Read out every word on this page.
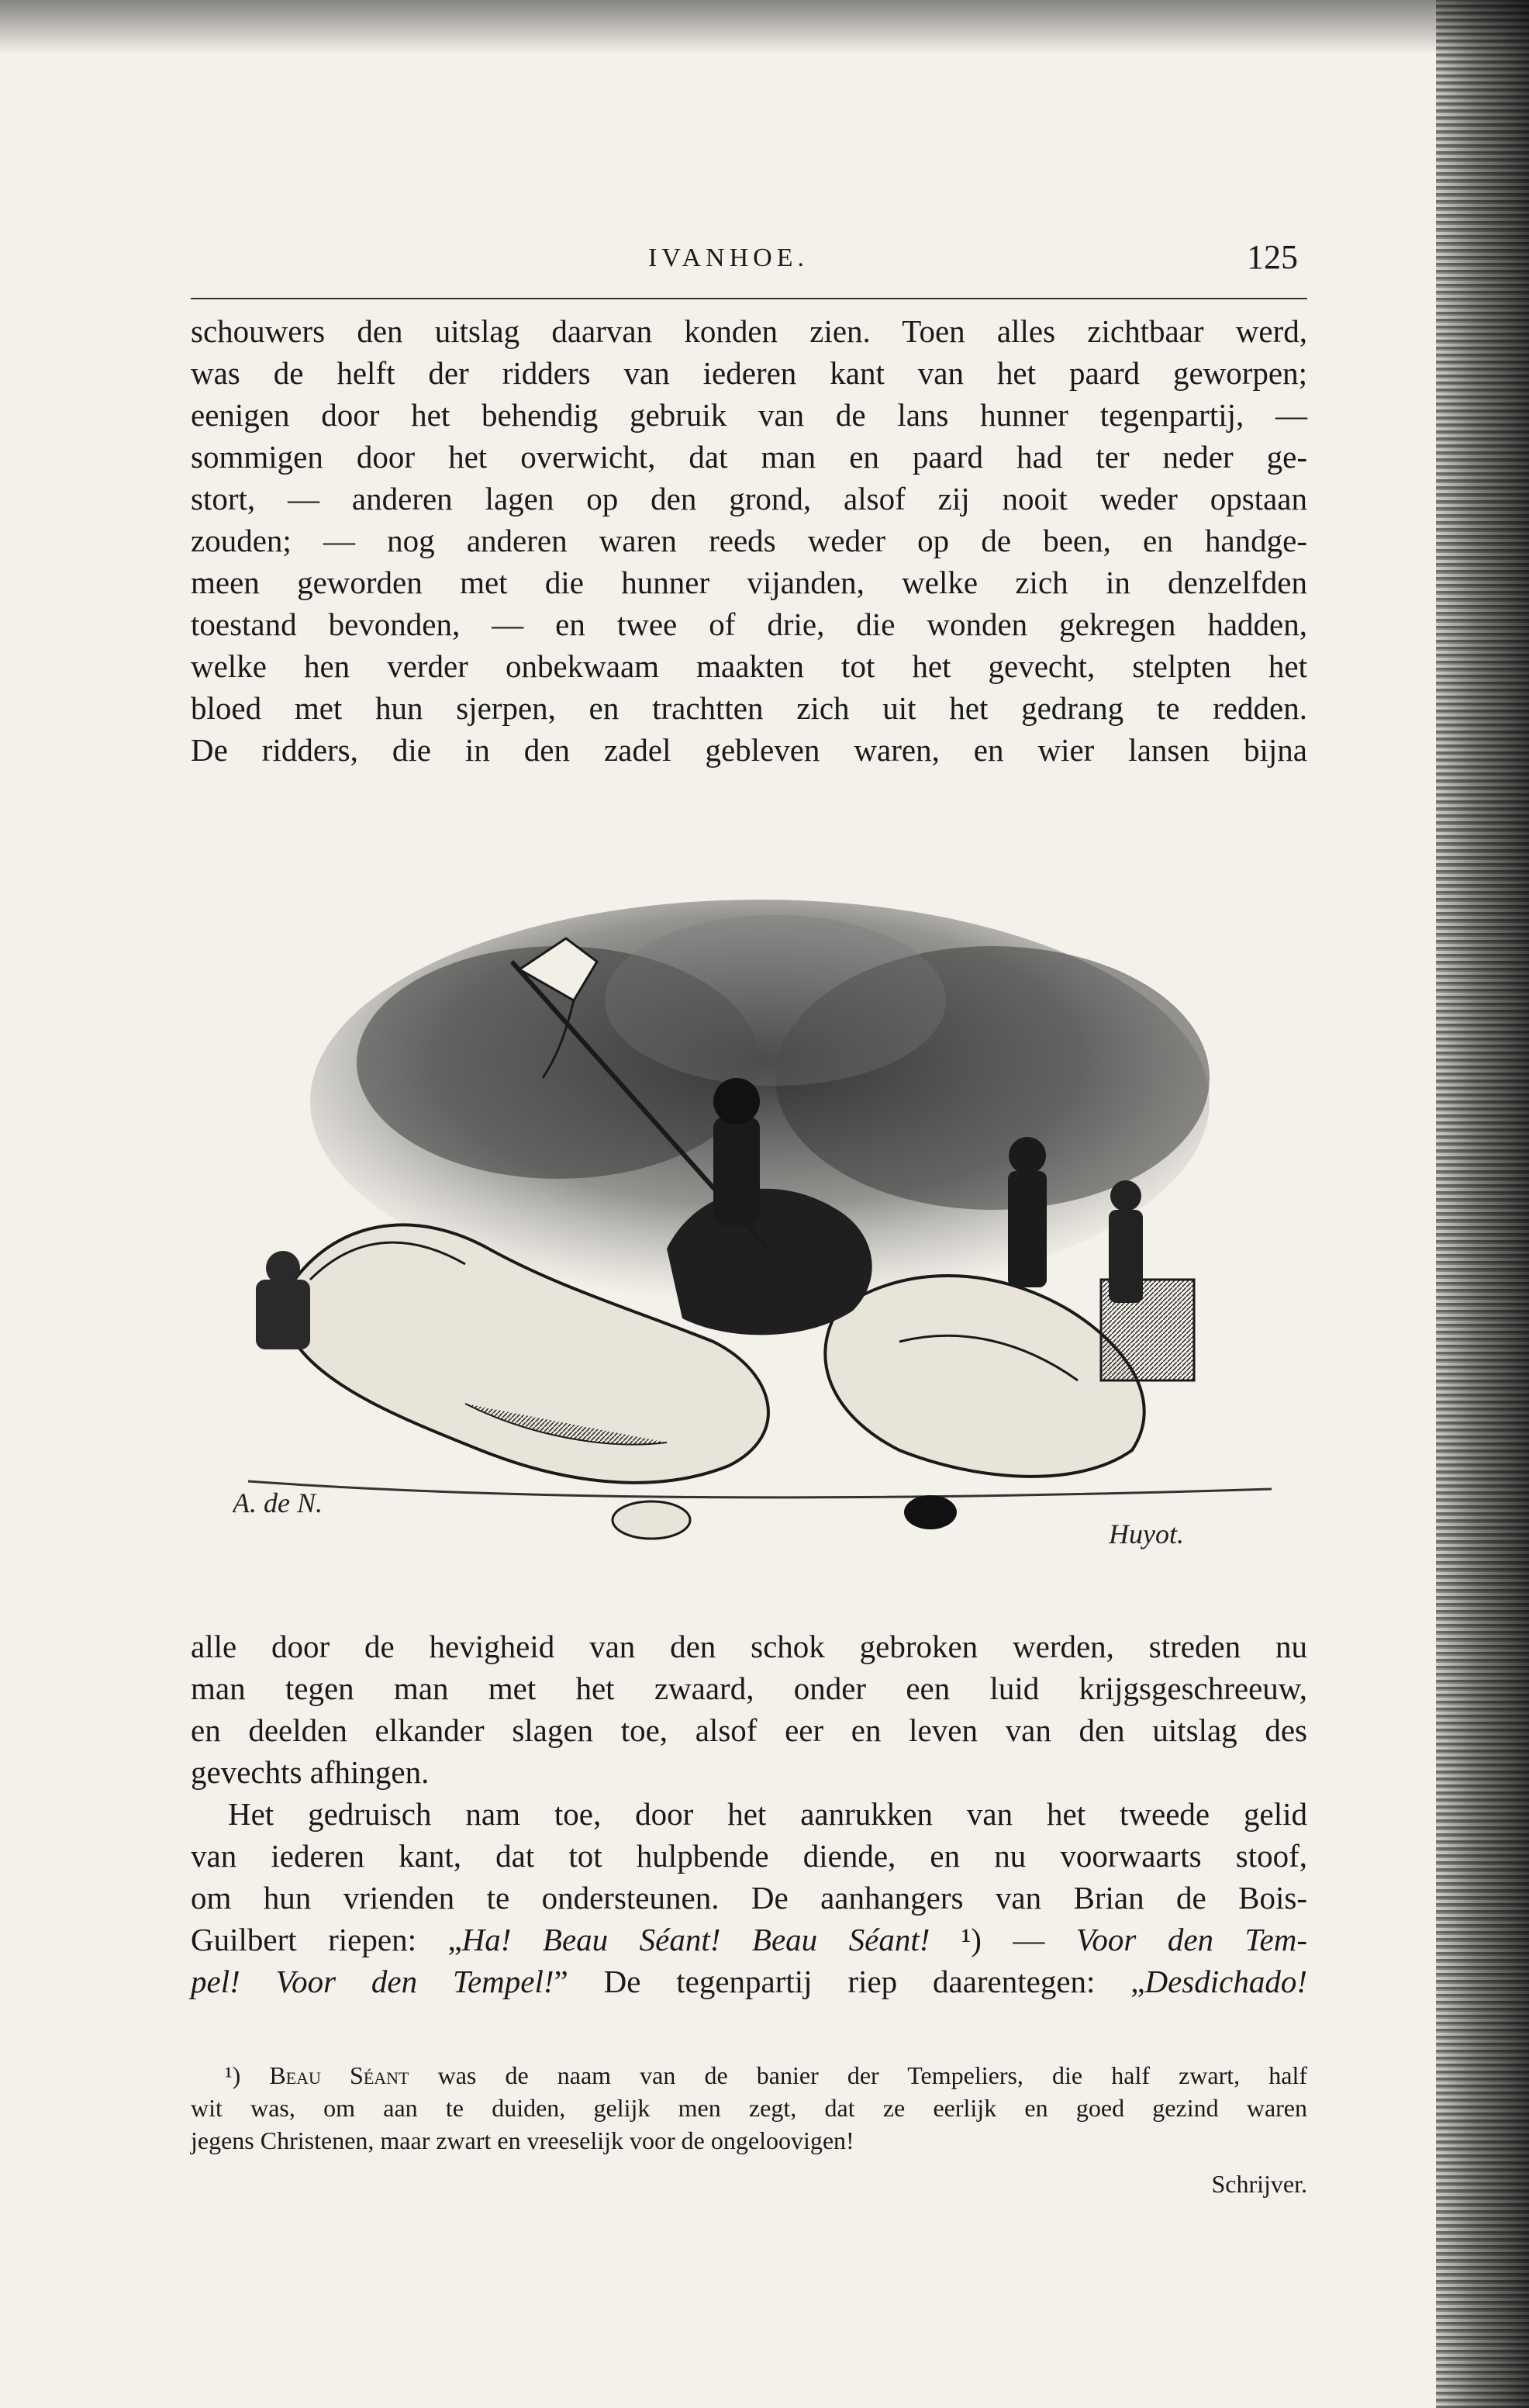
IVANHOE.	125
schouwers den uitslag daarvan konden zien. Toen alles zichtbaar werd,
was de helft der ridders van iederen kant van het paard geworpen;
eenigen door het behendig gebruik van de lans hunner tegenpartij, —
sommigen door het overwicht, dat man en paard had ter neder ge-
stort, — anderen lagen op den grond, alsof zij nooit weder opstaan
zouden; — nog anderen waren reeds weder op de been, en handge-
meen geworden met die hunner vijanden, welke zich in denzelfden
toestand bevonden, — en twee of drie, die wonden gekregen hadden,
welke hen verder onbekwaam maakten tot het gevecht, stelpten het
bloed met hun sjerpen, en trachtten zich uit het gedrang te redden.
De ridders, die in den zadel gebleven waren, en wier lansen bijna
A. de N.
Huyot.
alle door de hevigheid van den schok gebroken werden, streden nu
man tegen man met het zwaard, onder een luid krijgsgeschreeuw,
en deelden elkander slagen toe, alsof eer en leven van den uitslag des
gevechts afhingen.
Het gedruisch nam toe, door het aanrukken van het tweede gelid
van iederen kant, dat tot hulpbende diende, en nu voorwaarts stoof,
om hun vrienden te ondersteunen. De aanhangers van Brian de Bois-
Guilbert riepen: „Ha! Beau Séant! Beau Séant! ¹) — Voor den Tem-
pel! Voor den Tempel!” De tegenpartij riep daarentegen: „Desdichado!
¹) Beau Séant was de naam van de banier der Tempeliers, die half zwart, half
wit was, om aan te duiden, gelijk men zegt, dat ze eerlijk en goed gezind waren
jegens Christenen, maar zwart en vreeselijk voor de ongeloovigen!
Schrijver.
